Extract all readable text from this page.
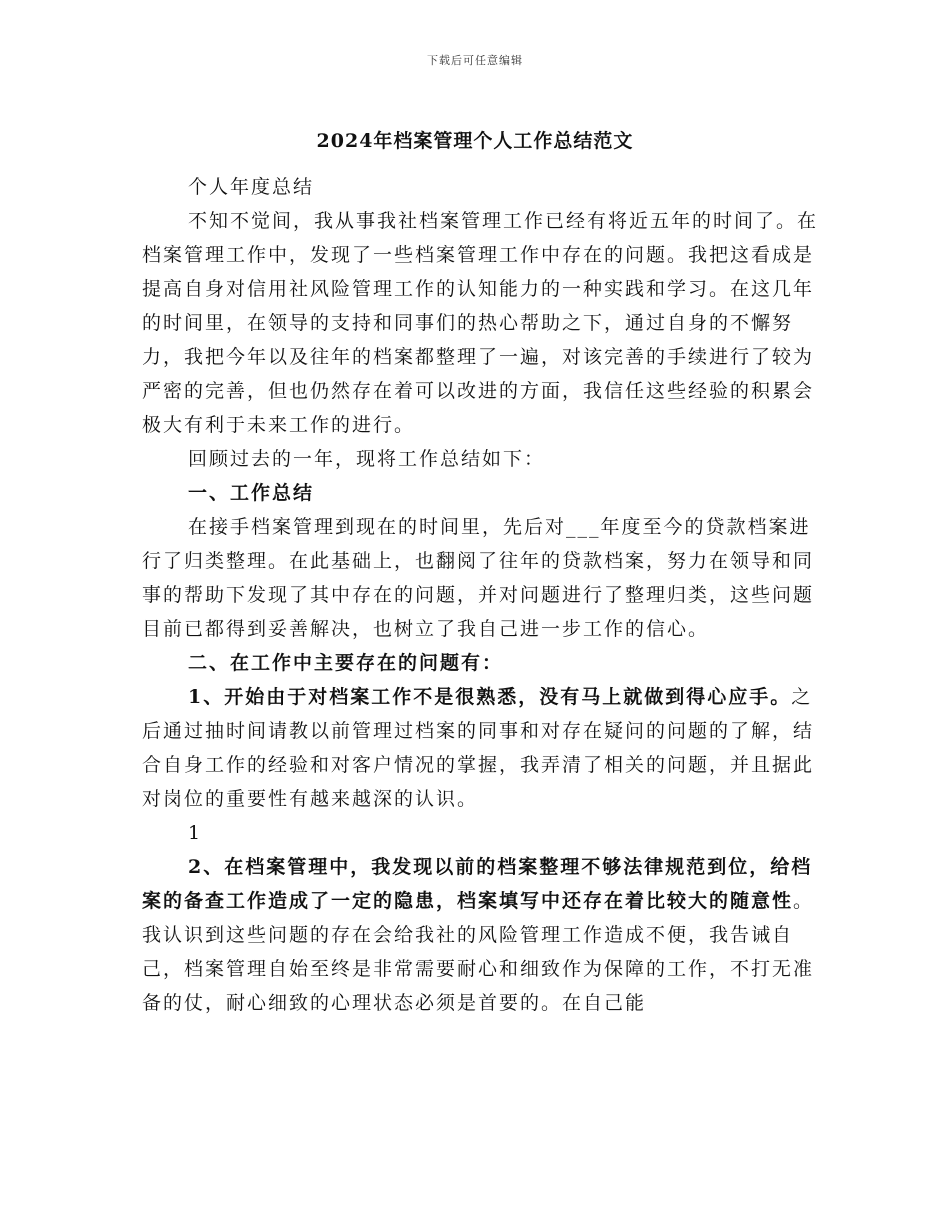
下载后可任意编辑
2024年档案管理个人工作总结范文

个人年度总结

不知不觉间，我从事我社档案管理工作已经有将近五年的时间了。在档案管理工作中，发现了一些档案管理工作中存在的问题。我把这看成是提高自身对信用社风险管理工作的认知能力的一种实践和学习。在这几年的时间里，在领导的支持和同事们的热心帮助之下，通过自身的不懈努力，我把今年以及往年的档案都整理了一遍，对该完善的手续进行了较为严密的完善，但也仍然存在着可以改进的方面，我信任这些经验的积累会极大有利于未来工作的进行。

回顾过去的一年，现将工作总结如下：

一、工作总结

在接手档案管理到现在的时间里，先后对___年度至今的贷款档案进行了归类整理。在此基础上，也翻阅了往年的贷款档案，努力在领导和同事的帮助下发现了其中存在的问题，并对问题进行了整理归类，这些问题目前已都得到妥善解决，也树立了我自己进一步工作的信心。

二、在工作中主要存在的问题有：

1、开始由于对档案工作不是很熟悉，没有马上就做到得心应手。之后通过抽时间请教以前管理过档案的同事和对存在疑问的问题的了解，结合自身工作的经验和对客户情况的掌握，我弄清了相关的问题，并且据此对岗位的重要性有越来越深的认识。

1

2、在档案管理中，我发现以前的档案整理不够法律规范到位，给档案的备查工作造成了一定的隐患，档案填写中还存在着比较大的随意性。我认识到这些问题的存在会给我社的风险管理工作造成不便，我告诫自己，档案管理自始至终是非常需要耐心和细致作为保障的工作，不打无准备的仗，耐心细致的心理状态必须是首要的。在自己能
